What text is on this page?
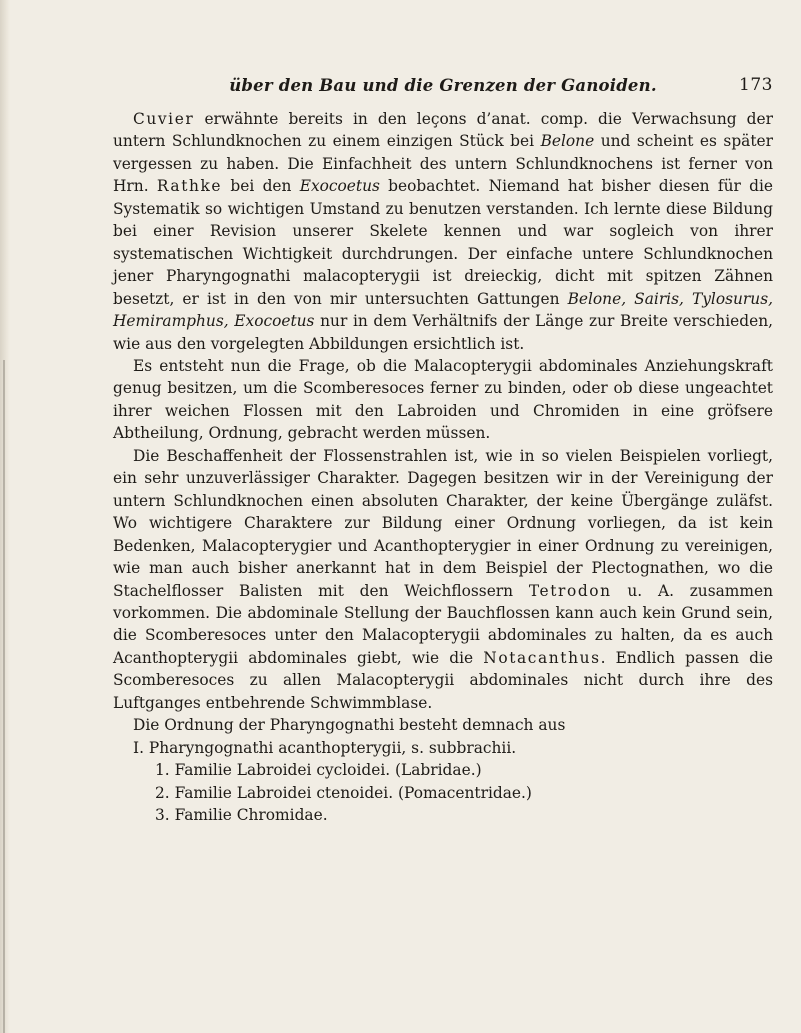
über den Bau und die Grenzen der Ganoiden.	173

Cuvier erwähnte bereits in den leçons d’anat. comp. die Verwachsung der untern Schlundknochen zu einem einzigen Stück bei Belone und scheint es später vergessen zu haben. Die Einfachheit des untern Schlundknochens ist ferner von Hrn. Rathke bei den Exocoetus beobachtet. Niemand hat bisher diesen für die Systematik so wichtigen Umstand zu benutzen verstanden. Ich lernte diese Bildung bei einer Revision unserer Skelete kennen und war sogleich von ihrer systematischen Wichtigkeit durchdrungen. Der einfache untere Schlundknochen jener Pharyngognathi malacopterygii ist dreieckig, dicht mit spitzen Zähnen besetzt, er ist in den von mir untersuchten Gattungen Belone, Sairis, Tylosurus, Hemiramphus, Exocoetus nur in dem Verhältnifs der Länge zur Breite verschieden, wie aus den vorgelegten Abbildungen ersichtlich ist.

Es entsteht nun die Frage, ob die Malacopterygii abdominales Anziehungskraft genug besitzen, um die Scomberesoces ferner zu binden, oder ob diese ungeachtet ihrer weichen Flossen mit den Labroiden und Chromiden in eine gröfsere Abtheilung, Ordnung, gebracht werden müssen.

Die Beschaffenheit der Flossenstrahlen ist, wie in so vielen Beispielen vorliegt, ein sehr unzuverlässiger Charakter. Dagegen besitzen wir in der Vereinigung der untern Schlundknochen einen absoluten Charakter, der keine Übergänge zuläfst. Wo wichtigere Charaktere zur Bildung einer Ordnung vorliegen, da ist kein Bedenken, Malacopterygier und Acanthopterygier in einer Ordnung zu vereinigen, wie man auch bisher anerkannt hat in dem Beispiel der Plectognathen, wo die Stachelflosser Balisten mit den Weichflossern Tetrodon u. A. zusammen vorkommen. Die abdominale Stellung der Bauchflossen kann auch kein Grund sein, die Scomberesoces unter den Malacopterygii abdominales zu halten, da es auch Acanthopterygii abdominales giebt, wie die Notacanthus. Endlich passen die Scomberesoces zu allen Malacopterygii abdominales nicht durch ihre des Luftganges entbehrende Schwimmblase.

Die Ordnung der Pharyngognathi besteht demnach aus

I. Pharyngognathi acanthopterygii, s. subbrachii.
1. Familie Labroidei cycloidei. (Labridae.)
2. Familie Labroidei ctenoidei. (Pomacentridae.)
3. Familie Chromidae.
